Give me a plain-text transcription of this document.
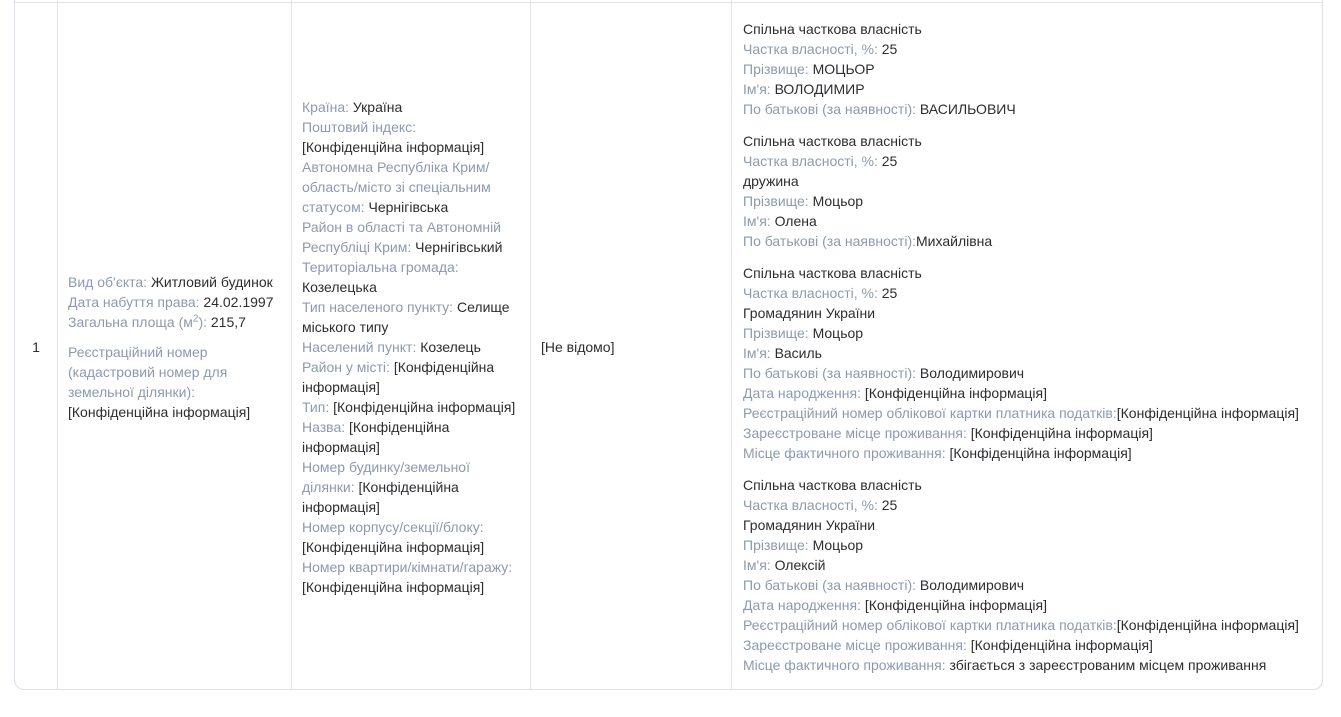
1
Вид об'єкта: Житловий будинок
Дата набуття права: 24.02.1997
Загальна площа $(м^2)$: 215,7
Реєстраційний номер (кадастровий номер для земельної ділянки): [Конфіденційна інформація]
Країна: Україна
Поштовий індекс: [Конфіденційна інформація]
Автономна Республіка Крим/область/місто зі спеціальним статусом: Чернігівська
Район в області та Автономній Республіці Крим: Чернігівський
Територіальна громада: Козелецька
Тип населеного пункту: Селище міського типу
Населений пункт: Козелець
Район у місті: [Конфіденційна інформація]
Тип: [Конфіденційна інформація]
Назва: [Конфіденційна інформація]
Номер будинку/земельної ділянки: [Конфіденційна інформація]
Номер корпусу/секції/блоку: [Конфіденційна інформація]
Номер квартири/кімнати/гаражу: [Конфіденційна інформація]
[Не відомо]
Спільна часткова власність
Частка власності, %: 25
Прізвище: МОЦЬОР
Ім'я: ВОЛОДИМИР
По батькові (за наявності): ВАСИЛЬОВИЧ
Спільна часткова власність
Частка власності, %: 25
дружина
Прізвище: Моцьор
Ім'я: Олена
По батькові (за наявності):Михайлівна
Спільна часткова власність
Частка власності, %: 25
Громадянин України
Прізвище: Моцьор
Ім'я: Василь
По батькові (за наявності): Володимирович
Дата народження: [Конфіденційна інформація]
Реєстраційний номер облікової картки платника податків:[Конфіденційна інформація]
Зареєстроване місце проживання: [Конфіденційна інформація]
Місце фактичного проживання: [Конфіденційна інформація]
Спільна часткова власність
Частка власності, %: 25
Громадянин України
Прізвище: Моцьор
Ім'я: Олексій
По батькові (за наявності): Володимирович
Дата народження: [Конфіденційна інформація]
Реєстраційний номер облікової картки платника податків:[Конфіденційна інформація]
Зареєстроване місце проживання: [Конфіденційна інформація]
Місце фактичного проживання: збігається з зареєстрованим місцем проживання
